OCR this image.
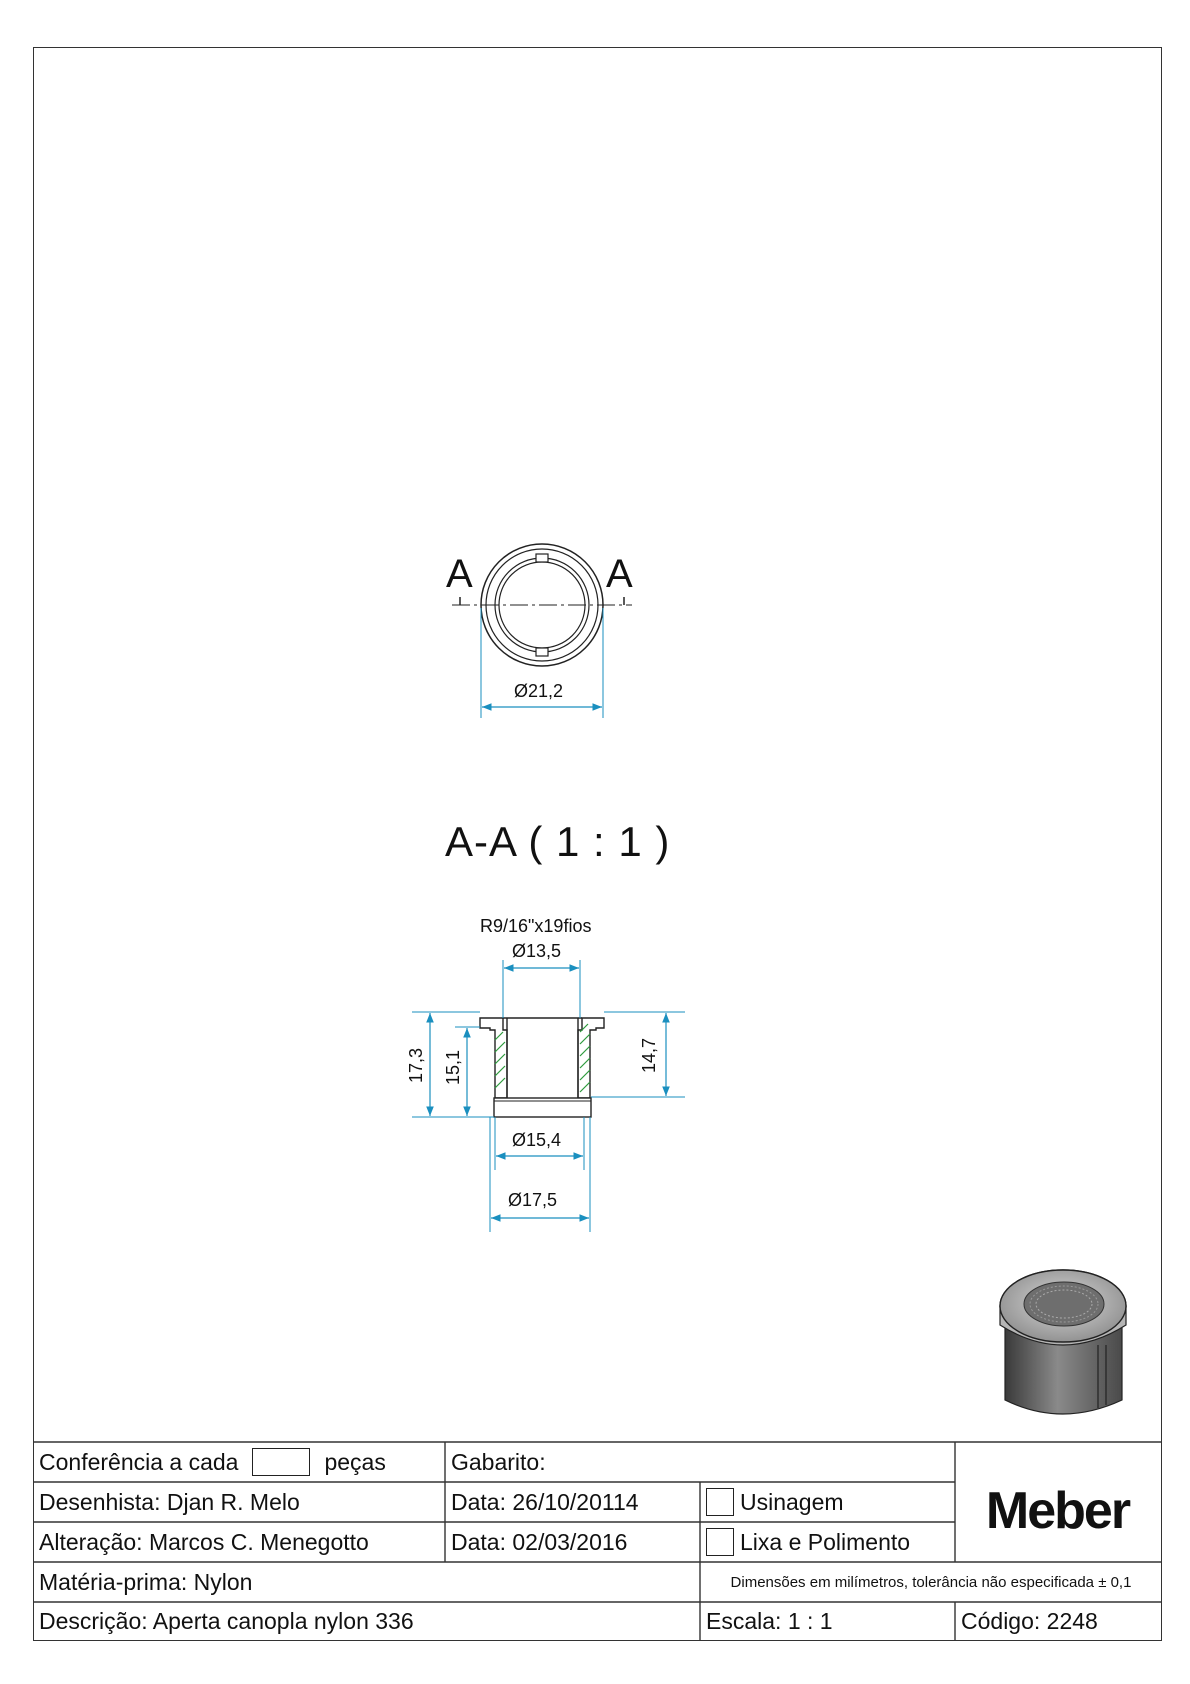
A	A
Ø21,2
R9/16"x19fios
Ø13,5
17,3 15,1	14,7
Ø15,4
Ø17,5
A-A ( 1 : 1 )
Conferência a cada	peças	Gabarito:
Desenhista: Djan R. Melo	Data: 26/10/20114	Usinagem
Alteração: Marcos C. Menegotto	Data: 02/03/2016	Lixa e Polimento
Meber
Matéria-prima: Nylon	Dimensões em milímetros, tolerância não especificada ± 0,1
Descrição: Aperta canopla nylon 336	Escala: 1 : 1	Código: 2248
